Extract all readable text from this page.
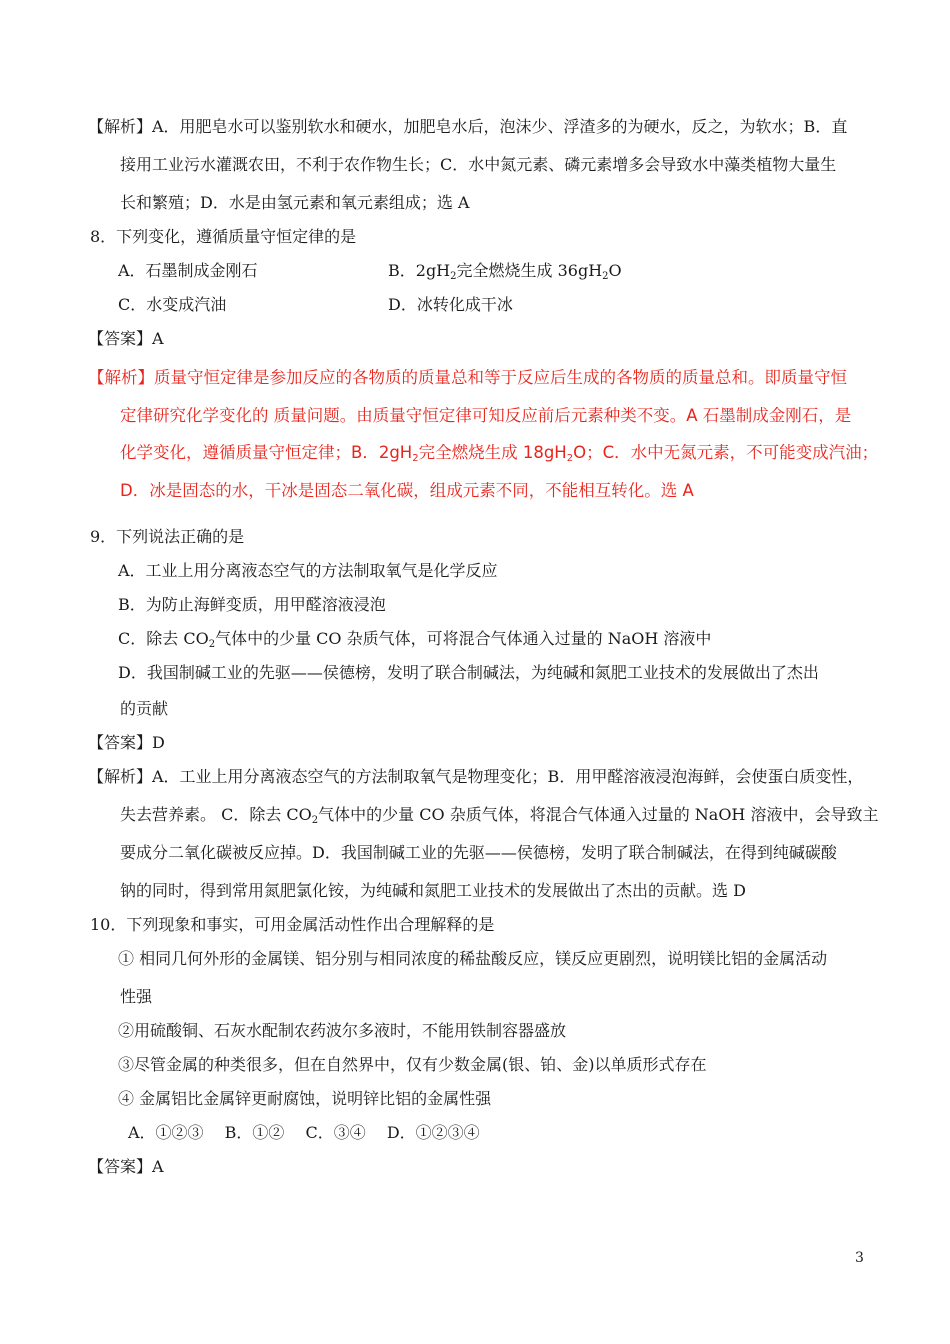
【解析】A．用肥皂水可以鉴别软水和硬水，加肥皂水后，泡沫少、浮渣多的为硬水，反之，为软水；B．直
接用工业污水灌溉农田，不利于农作物生长；C．水中氮元素、磷元素增多会导致水中藻类植物大量生
长和繁殖；D．水是由氢元素和氧元素组成；选 A
8．下列变化，遵循质量守恒定律的是
A．石墨制成金刚石	B．$2gH_2$完全燃烧生成 $36gH_2O$
C．水变成汽油	D．冰转化成干冰
【答案】A
【解析】质量守恒定律是参加反应的各物质的质量总和等于反应后生成的各物质的质量总和。即质量守恒
定律研究化学变化的 质量问题。由质量守恒定律可知反应前后元素种类不变。A 石墨制成金刚石，是
化学变化，遵循质量守恒定律；B．$2gH_2$完全燃烧生成 $18gH_2O$；C．水中无氮元素，不可能变成汽油；
D．冰是固态的水，干冰是固态二氧化碳，组成元素不同，不能相互转化。选 A
9．下列说法正确的是
A．工业上用分离液态空气的方法制取氧气是化学反应
B．为防止海鲜变质，用甲醛溶液浸泡
C．除去 $CO_2$气体中的少量 CO 杂质气体，可将混合气体通入过量的 NaOH 溶液中
D．我国制碱工业的先驱——侯德榜，发明了联合制碱法，为纯碱和氮肥工业技术的发展做出了杰出
的贡献
【答案】D
【解析】A．工业上用分离液态空气的方法制取氧气是物理变化；B．用甲醛溶液浸泡海鲜，会使蛋白质变性，
失去营养素。 C．除去 $CO_2$气体中的少量 CO 杂质气体，将混合气体通入过量的 NaOH 溶液中，会导致主
要成分二氧化碳被反应掉。D．我国制碱工业的先驱——侯德榜，发明了联合制碱法，在得到纯碱碳酸
钠的同时，得到常用氮肥氯化铵，为纯碱和氮肥工业技术的发展做出了杰出的贡献。选 D
10．下列现象和事实，可用金属活动性作出合理解释的是
① 相同几何外形的金属镁、铝分别与相同浓度的稀盐酸反应，镁反应更剧烈，说明镁比铝的金属活动
性强
②用硫酸铜、石灰水配制农药波尔多液时，不能用铁制容器盛放
③尽管金属的种类很多，但在自然界中，仅有少数金属(银、铂、金)以单质形式存在
④ 金属铝比金属锌更耐腐蚀，说明锌比铝的金属性强
A．①②③　 B．①②　 C．③④　 D．①②③④
【答案】A
3
